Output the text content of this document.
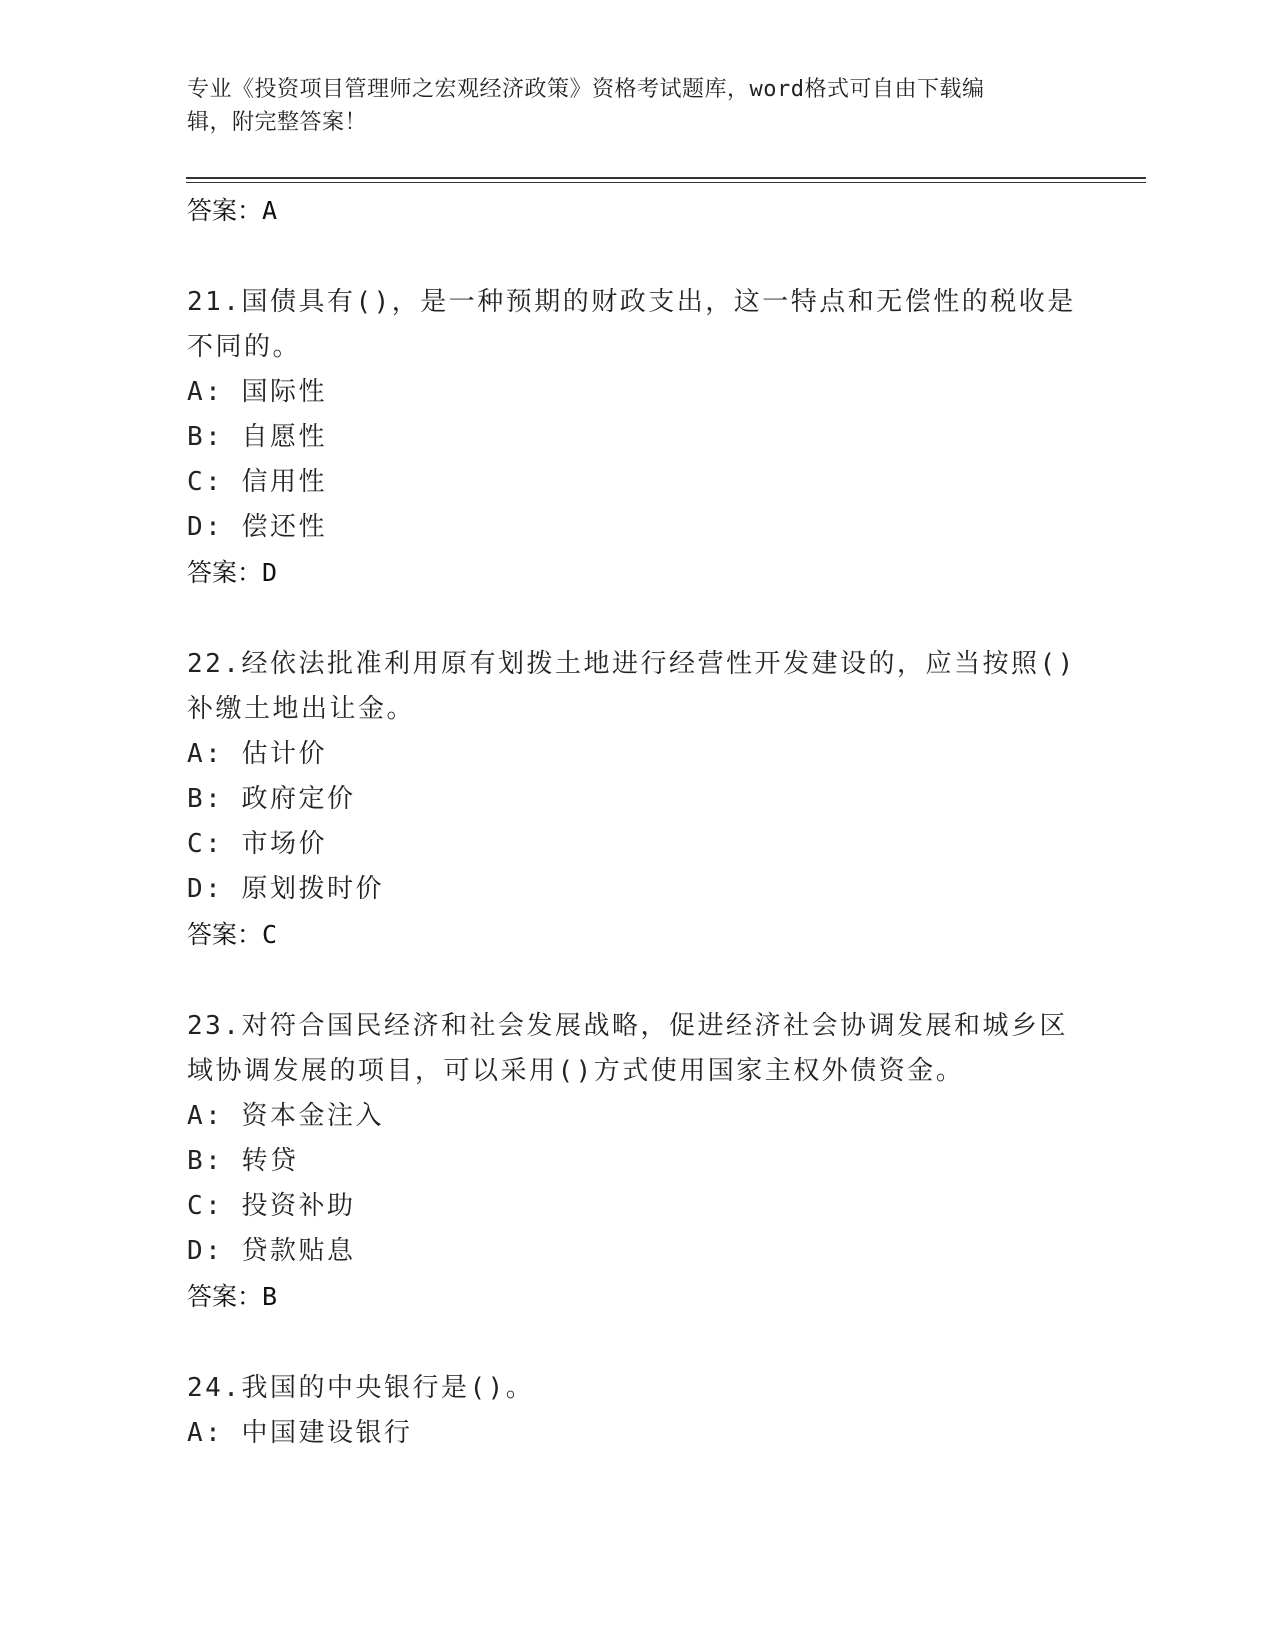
专业《投资项目管理师之宏观经济政策》资格考试题库，word格式可自由下载编
辑，附完整答案！
答案：A
21.国债具有()，是一种预期的财政支出，这一特点和无偿性的税收是
不同的。
A: 国际性
B: 自愿性
C: 信用性
D: 偿还性
答案：D
22.经依法批准利用原有划拨土地进行经营性开发建设的，应当按照()
补缴土地出让金。
A: 估计价
B: 政府定价
C: 市场价
D: 原划拨时价
答案：C
23.对符合国民经济和社会发展战略，促进经济社会协调发展和城乡区
域协调发展的项目，可以采用()方式使用国家主权外债资金。
A: 资本金注入
B: 转贷
C: 投资补助
D: 贷款贴息
答案：B
24.我国的中央银行是()。
A: 中国建设银行
